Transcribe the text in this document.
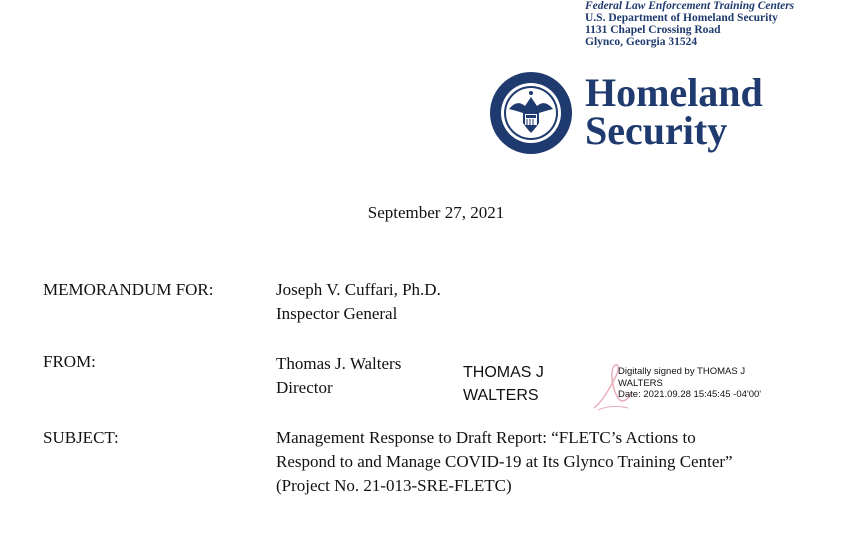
Federal Law Enforcement Training Centers
U.S. Department of Homeland Security
1131 Chapel Crossing Road
Glynco, Georgia 31524
Homeland
Security
September 27, 2021
MEMORANDUM FOR:	Joseph V. Cuffari, Ph.D.
Inspector General
FROM:	Thomas J. Walters
Director
THOMAS J
WALTERS
Digitally signed by THOMAS J
WALTERS
Date: 2021.09.28 15:45:45 -04'00'
SUBJECT:	Management Response to Draft Report: “FLETC’s Actions to
Respond to and Manage COVID-19 at Its Glynco Training Center”
(Project No. 21-013-SRE-FLETC)
